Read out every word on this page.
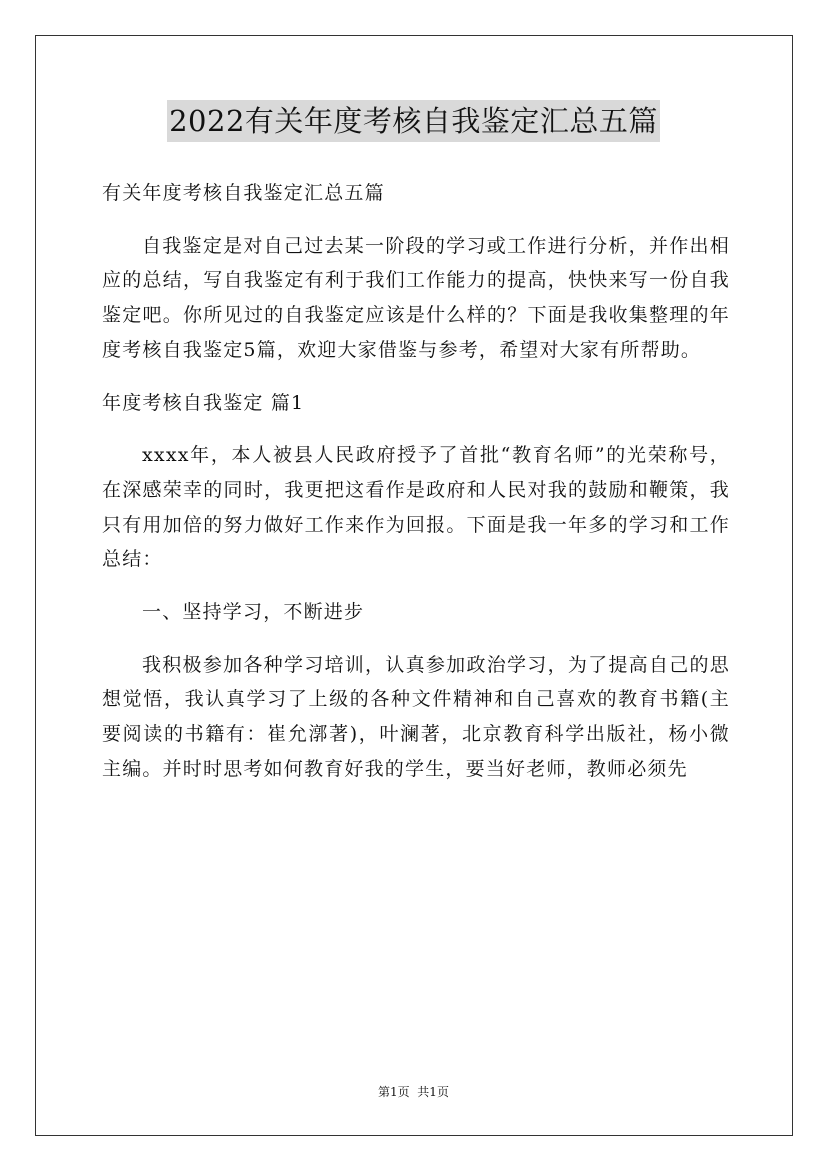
2022有关年度考核自我鉴定汇总五篇

有关年度考核自我鉴定汇总五篇

自我鉴定是对自己过去某一阶段的学习或工作进行分析，并作出相应的总结，写自我鉴定有利于我们工作能力的提高，快快来写一份自我鉴定吧。你所见过的自我鉴定应该是什么样的？下面是我收集整理的年度考核自我鉴定5篇，欢迎大家借鉴与参考，希望对大家有所帮助。

年度考核自我鉴定 篇1

xxxx年，本人被县人民政府授予了首批“教育名师”的光荣称号，在深感荣幸的同时，我更把这看作是政府和人民对我的鼓励和鞭策，我只有用加倍的努力做好工作来作为回报。下面是我一年多的学习和工作总结：

一、坚持学习，不断进步

我积极参加各种学习培训，认真参加政治学习，为了提高自己的思想觉悟，我认真学习了上级的各种文件精神和自己喜欢的教育书籍(主要阅读的书籍有：崔允漷著)，叶澜著，北京教育科学出版社，杨小微主编。并时时思考如何教育好我的学生，要当好老师，教师必须先

第1页  共1页
